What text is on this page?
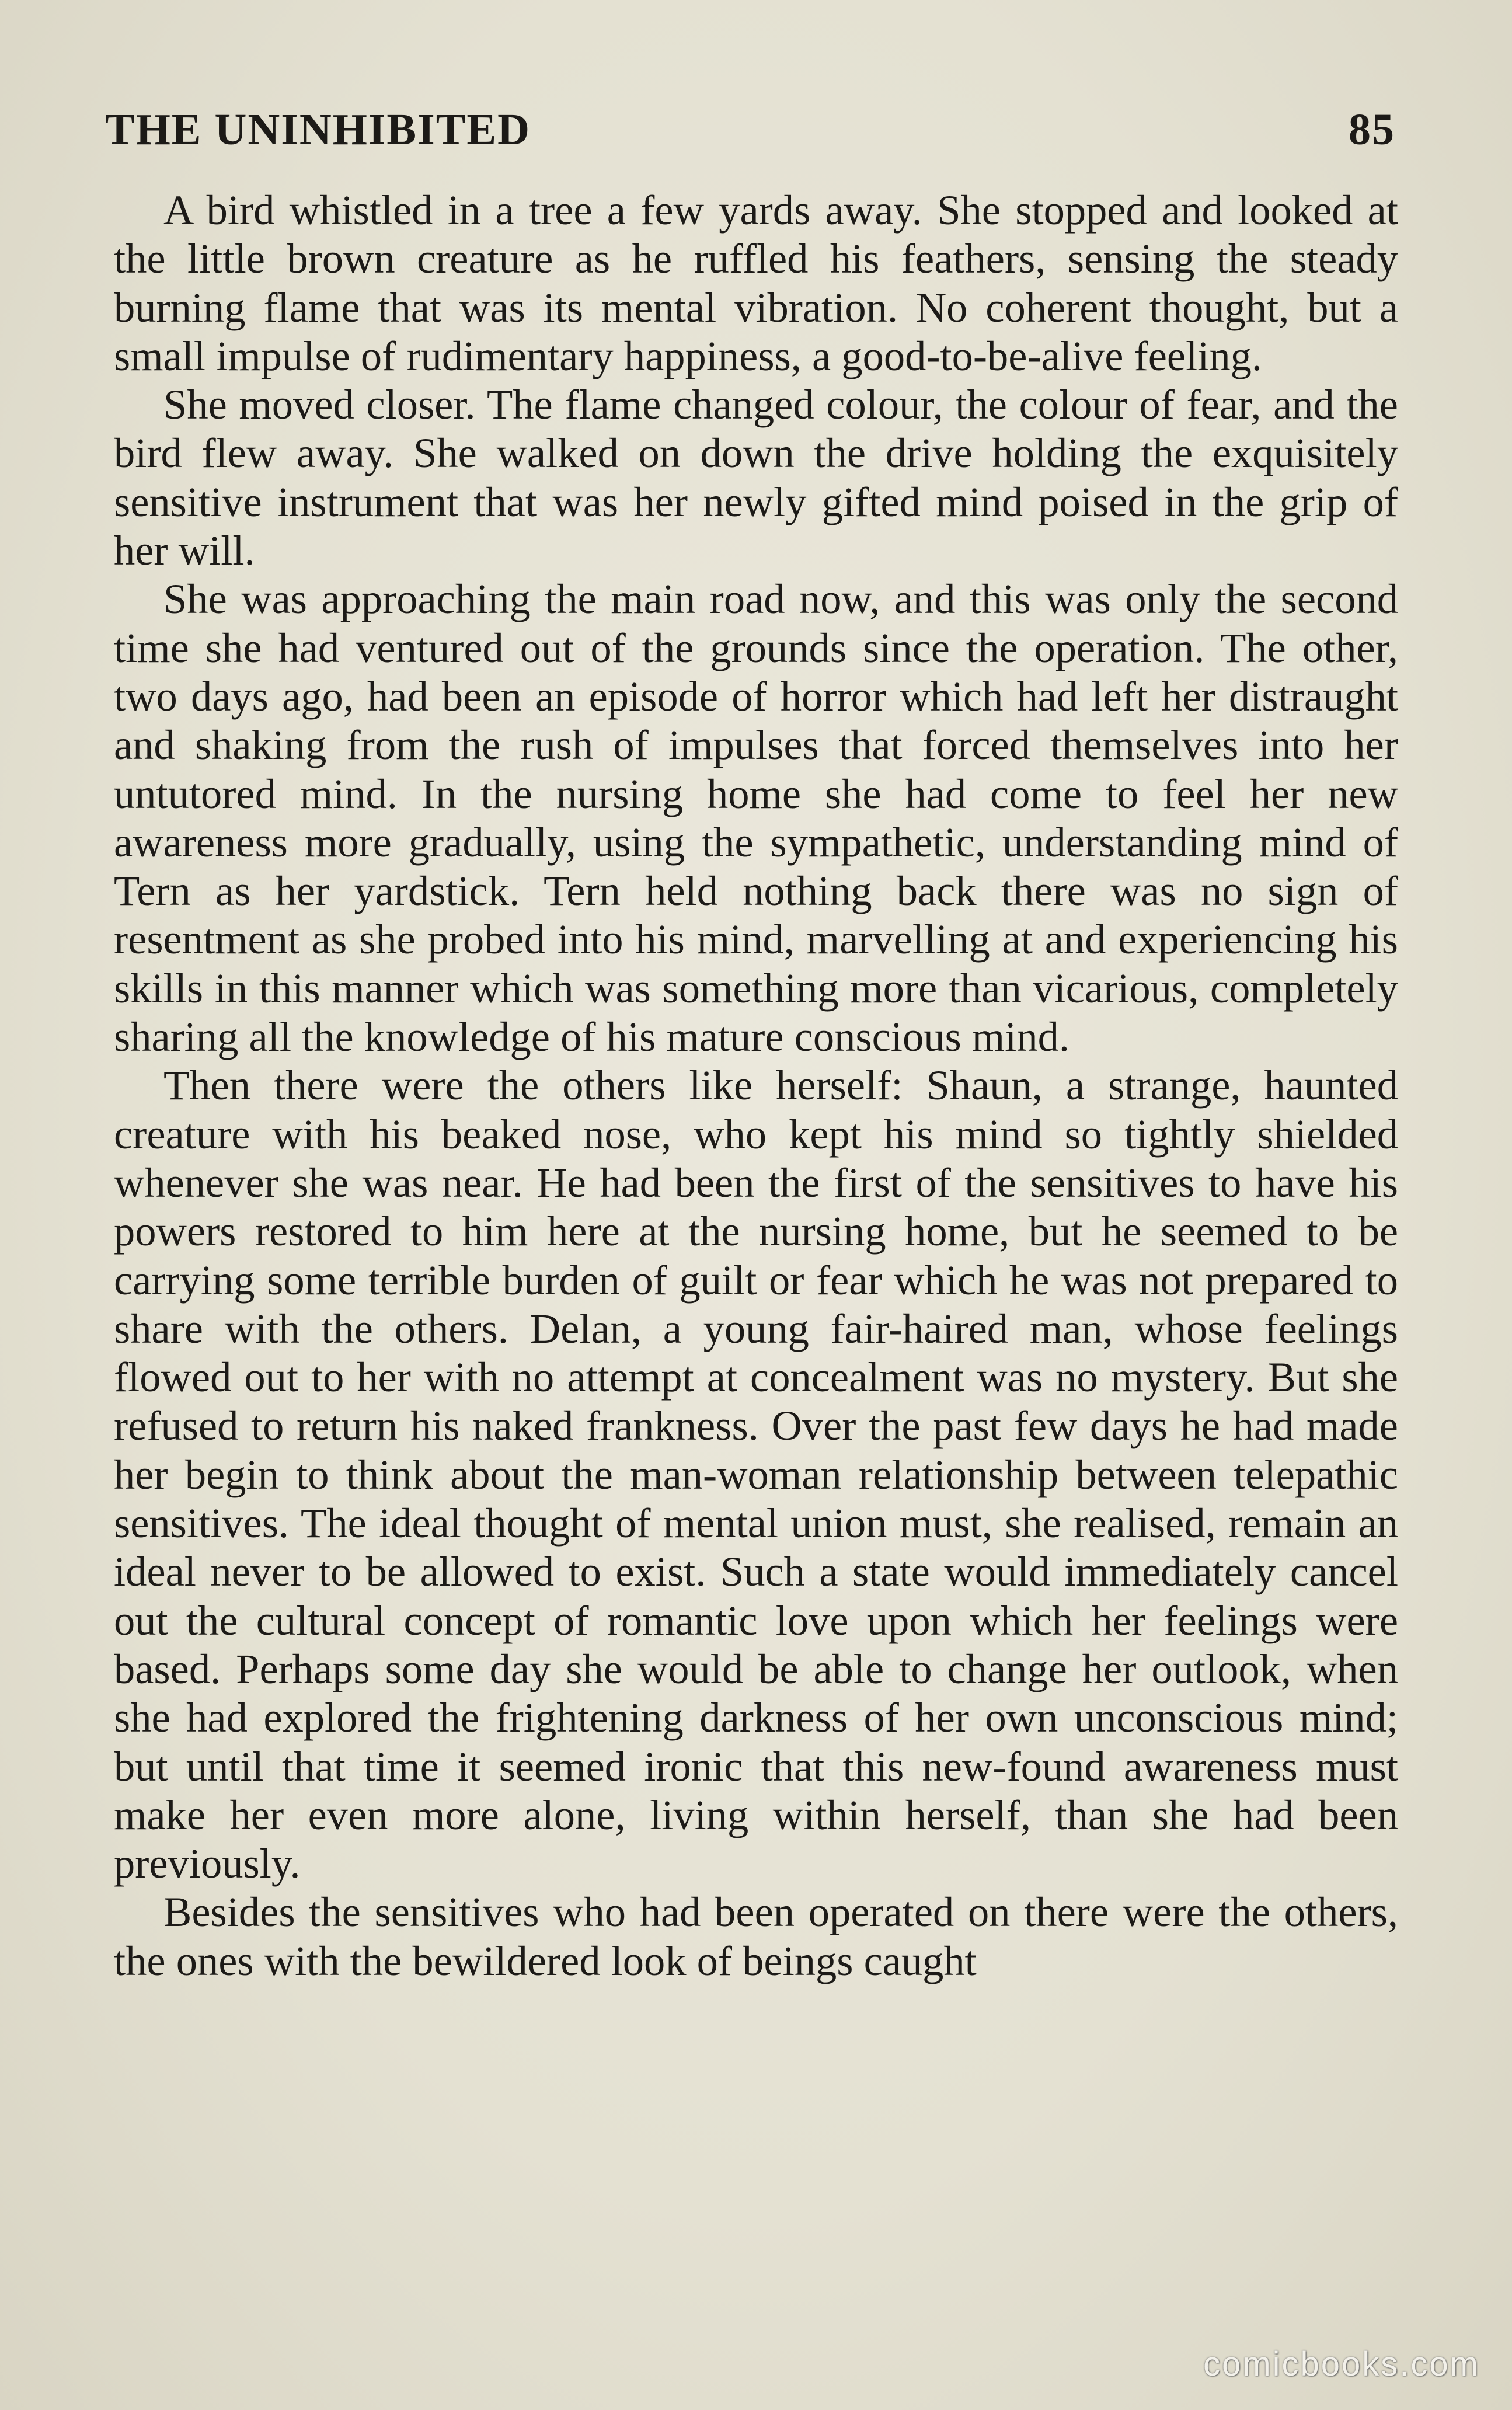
THE UNINHIBITED	85

A bird whistled in a tree a few yards away. She stopped and looked at the little brown creature as he ruffled his feathers, sensing the steady burning flame that was its mental vibration. No coherent thought, but a small impulse of rudimentary happiness, a good-to-be-alive feeling.

She moved closer. The flame changed colour, the colour of fear, and the bird flew away. She walked on down the drive holding the exquisitely sensitive instrument that was her newly gifted mind poised in the grip of her will.

She was approaching the main road now, and this was only the second time she had ventured out of the grounds since the operation. The other, two days ago, had been an episode of horror which had left her distraught and shaking from the rush of impulses that forced themselves into her untutored mind. In the nursing home she had come to feel her new awareness more gradually, using the sympathetic, understanding mind of Tern as her yardstick. Tern held nothing back there was no sign of resentment as she probed into his mind, marvelling at and experiencing his skills in this manner which was something more than vicarious, completely sharing all the knowledge of his mature conscious mind.

Then there were the others like herself: Shaun, a strange, haunted creature with his beaked nose, who kept his mind so tightly shielded whenever she was near. He had been the first of the sensitives to have his powers restored to him here at the nursing home, but he seemed to be carrying some terrible burden of guilt or fear which he was not prepared to share with the others. Delan, a young fair-haired man, whose feelings flowed out to her with no attempt at concealment was no mystery. But she refused to return his naked frankness. Over the past few days he had made her begin to think about the man-woman relationship between telepathic sensitives. The ideal thought of mental union must, she realised, remain an ideal never to be allowed to exist. Such a state would immediately cancel out the cultural concept of romantic love upon which her feelings were based. Perhaps some day she would be able to change her outlook, when she had explored the frightening darkness of her own unconscious mind; but until that time it seemed ironic that this new-found awareness must make her even more alone, living within herself, than she had been previously.

Besides the sensitives who had been operated on there were the others, the ones with the bewildered look of beings caught

comicbooks.com
